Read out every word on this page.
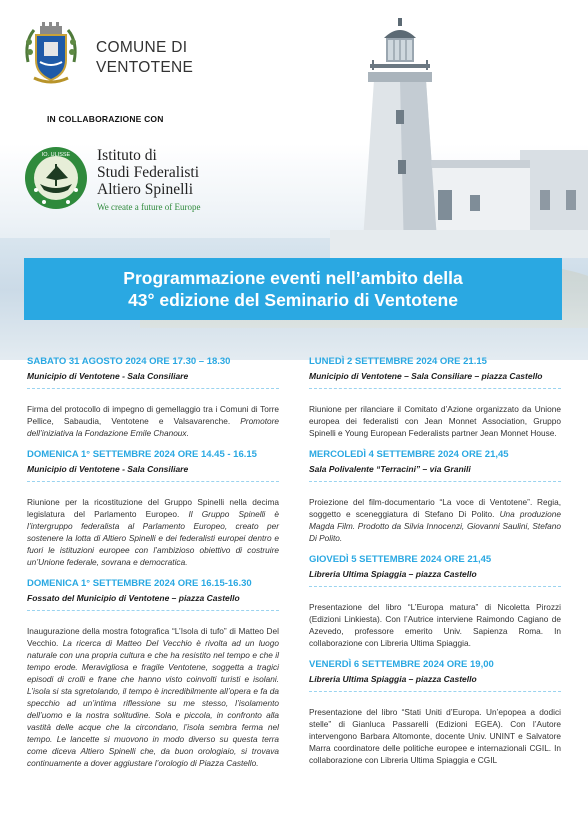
COMUNE DI
VENTOTENE
IN COLLABORAZIONE CON
IO. ULISSE Istituto di
Studi Federalisti
Altiero Spinelli
We create a future of Europe
Programmazione eventi nell’ambito della
43° edizione del Seminario di Ventotene
SABATO 31 AGOSTO 2024 ORE 17.30 – 18.30
Municipio di Ventotene - Sala Consiliare
Firma del protocollo di impegno di gemellaggio tra i Comuni di Torre Pellice, Sabaudia, Ventotene e Valsavarenche. Promotore dell’iniziativa la Fondazione Emile Chanoux.
DOMENICA 1° SETTEMBRE 2024 ORE 14.45 - 16.15
Municipio di Ventotene - Sala Consiliare
Riunione per la ricostituzione del Gruppo Spinelli nella decima legislatura del Parlamento Europeo. Il Gruppo Spinelli è l’intergruppo federalista al Parlamento Europeo, creato per sostenere la lotta di Altiero Spinelli e dei federalisti europei dentro e fuori le istituzioni europee con l’ambizioso obiettivo di costruire un’Unione federale, sovrana e democratica.
DOMENICA 1° SETTEMBRE 2024 ORE 16.15-16.30
Fossato del Municipio di Ventotene – piazza Castello
Inaugurazione della mostra fotografica “L’Isola di tufo” di Matteo Del Vecchio. La ricerca di Matteo Del Vecchio è rivolta ad un luogo naturale con una propria cultura e che ha resistito nel tempo e che il tempo erode. Meravigliosa e fragile Ventotene, soggetta a tragici episodi di crolli e frane che hanno visto coinvolti turisti e isolani. L’isola si sta sgretolando, il tempo è incredibilmente all’opera e fa da specchio ad un’intima riflessione su me stesso, l’isolamento dell’uomo e la nostra solitudine. Sola e piccola, in confronto alla vastità delle acque che la circondano, l’isola sembra ferma nel tempo. Le lancette si muovono in modo diverso su questa terra come diceva Altiero Spinelli che, da buon orologiaio, si trovava continuamente a dover aggiustare l’orologio di Piazza Castello.
LUNEDÌ 2 SETTEMBRE 2024 ORE 21.15
Municipio di Ventotene – Sala Consiliare – piazza Castello
Riunione per rilanciare il Comitato d’Azione organizzato da Unione europea dei federalisti con Jean Monnet Association, Gruppo Spinelli e Young European Federalists partner Jean Monnet House.
MERCOLEDÌ 4 SETTEMBRE 2024 ORE 21,45
Sala Polivalente “Terracini” – via Granili
Proiezione del film-documentario “La voce di Ventotene”. Regia, soggetto e sceneggiatura di Stefano Di Polito. Una produzione Magda Film. Prodotto da Silvia Innocenzi, Giovanni Saulini, Stefano Di Polito.
GIOVEDÌ 5 SETTEMBRE 2024 ORE 21,45
Libreria Ultima Spiaggia – piazza Castello
Presentazione del libro “L’Europa matura” di Nicoletta Pirozzi (Edizioni Linkiesta). Con l’Autrice interviene Raimondo Cagiano de Azevedo, professore emerito Univ. Sapienza Roma. In collaborazione con Libreria Ultima Spiaggia.
VENERDÌ 6 SETTEMBRE 2024 ORE 19,00
Libreria Ultima Spiaggia – piazza Castello
Presentazione del libro “Stati Uniti d’Europa. Un’epopea a dodici stelle” di Gianluca Passarelli (Edizioni EGEA). Con l’Autore intervengono Barbara Altomonte, docente Univ. UNINT e Salvatore Marra coordinatore delle politiche europee e internazionali CGIL. In collaborazione con Libreria Ultima Spiaggia e CGIL
